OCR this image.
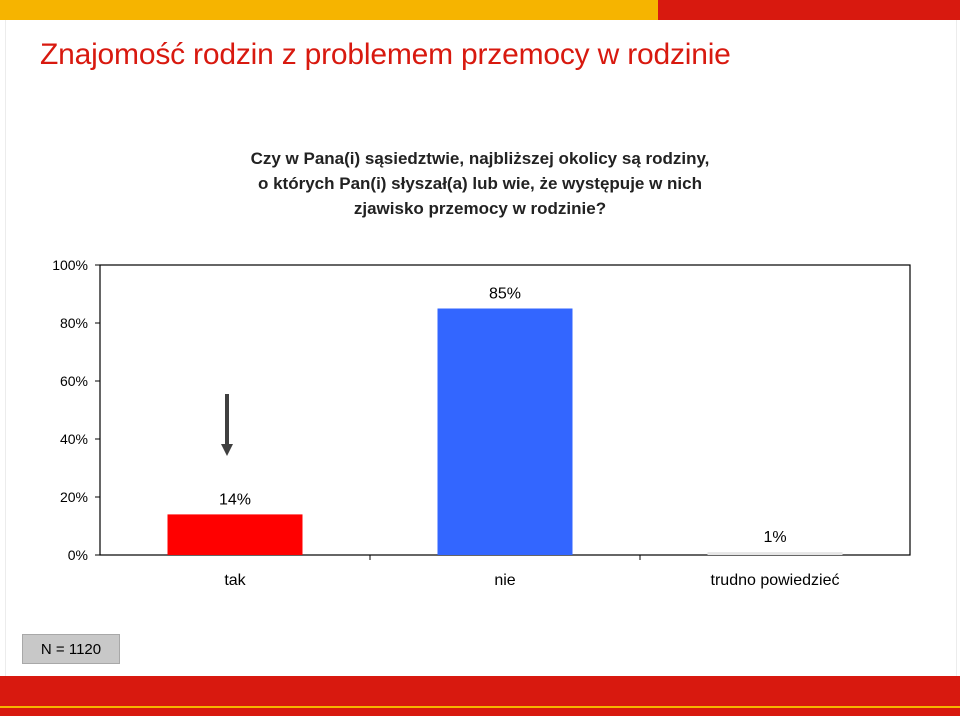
Znajomość rodzin z problemem przemocy w rodzinie
Czy w Pana(i) sąsiedztwie, najbliższej okolicy są rodziny,
o których Pan(i) słyszał(a) lub wie, że występuje w nich
zjawisko przemocy w rodzinie?
0%
20%
40%
60%
80%
100%
14%
tak
85%
nie
1%
trudno powiedzieć
N = 1120
